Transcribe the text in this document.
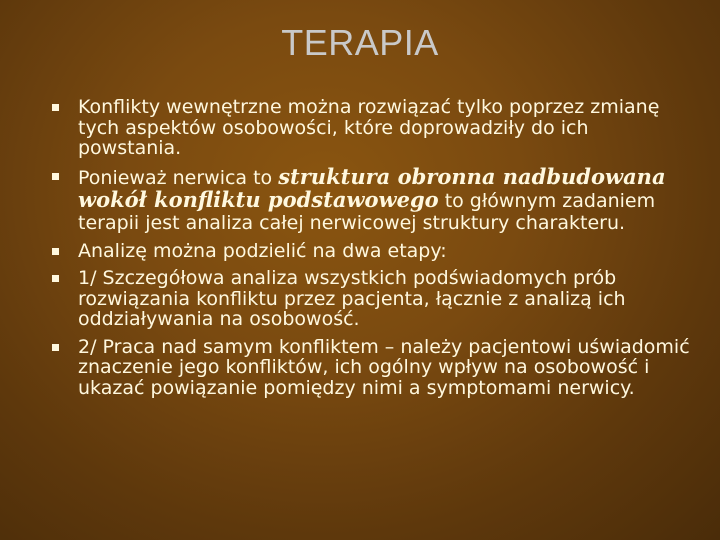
TERAPIA
Konflikty wewnętrzne można rozwiązać tylko poprzez zmianę tych aspektów osobowości, które doprowadziły do ich powstania.
Ponieważ nerwica to struktura obronna nadbudowana wokół konfliktu podstawowego to głównym zadaniem terapii jest analiza całej nerwicowej struktury charakteru.
Analizę można podzielić na dwa etapy:
1/ Szczegółowa analiza wszystkich podświadomych prób rozwiązania konfliktu przez pacjenta, łącznie z analizą ich oddziaływania na osobowość.
2/ Praca nad samym konfliktem – należy pacjentowi uświadomić znaczenie jego konfliktów, ich ogólny wpływ na osobowość i ukazać powiązanie pomiędzy nimi a symptomami nerwicy.
